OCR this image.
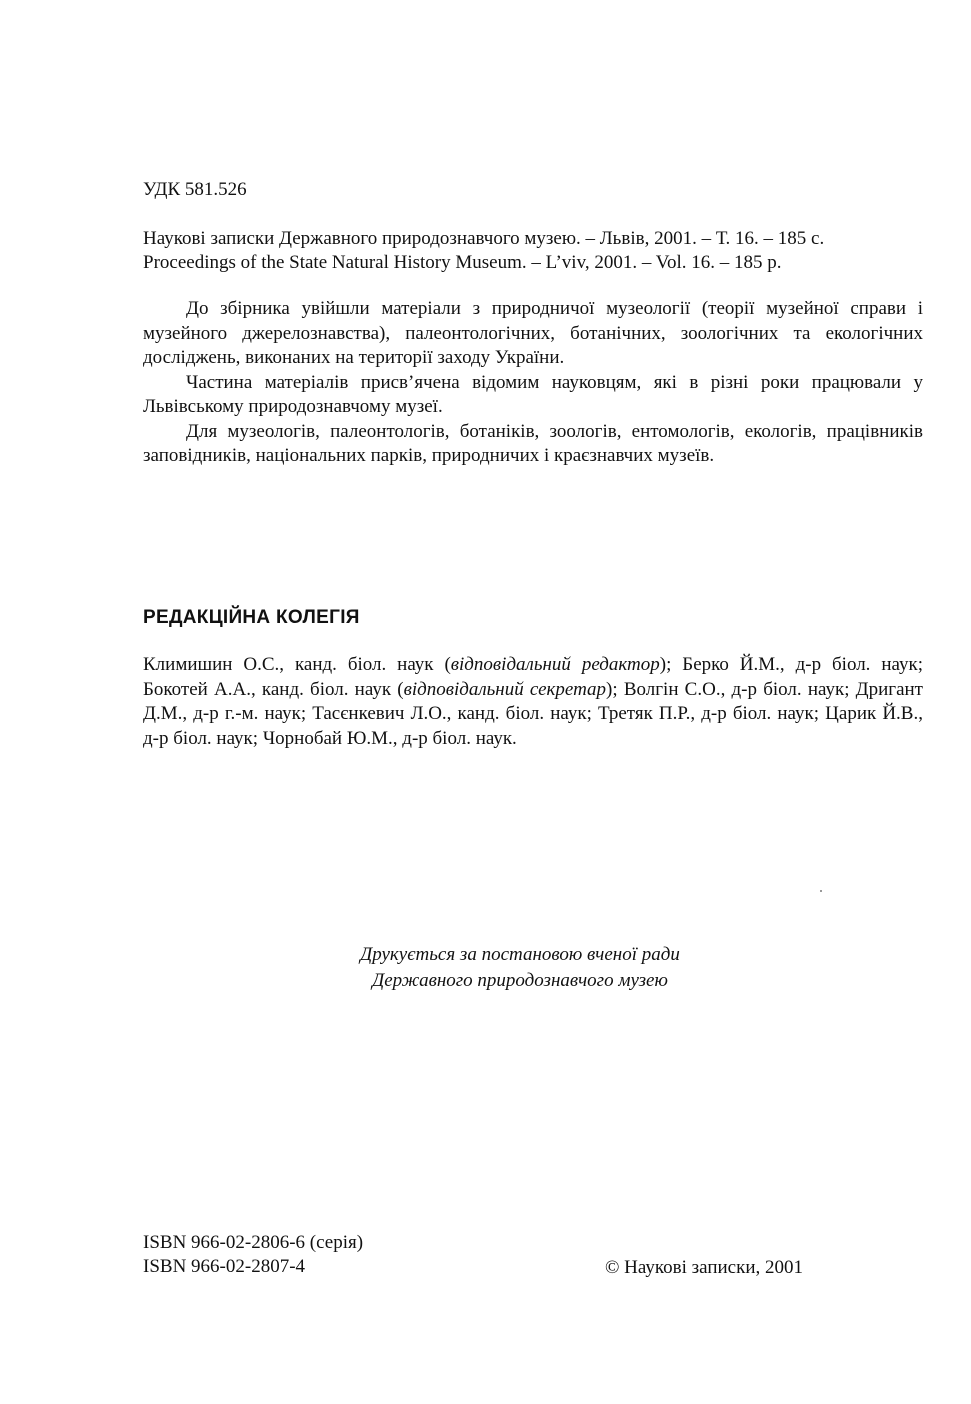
УДК 581.526
Наукові записки Державного природознавчого музею. – Львів, 2001. – Т. 16. – 185 с.
Proceedings of the State Natural History Museum. – L’viv, 2001. – Vol. 16. – 185 p.

До збірника увійшли матеріали з природничої музеології (теорії музейної справи і музейного джерелознавства), палеонтологічних, ботанічних, зоологічних та екологічних досліджень, виконаних на території заходу України.

Частина матеріалів присв’ячена відомим науковцям, які в різні роки працювали у Львівському природознавчому музеї.

Для музеологів, палеонтологів, ботаніків, зоологів, ентомологів, екологів, працівників заповідників, національних парків, природничих і краєзнавчих музеїв.

РЕДАКЦІЙНА КОЛЕГІЯ

Климишин О.С., канд. біол. наук (відповідальний редактор); Берко Й.М., д-р біол. наук; Бокотей А.А., канд. біол. наук (відповідальний секретар); Волгін С.О., д-р біол. наук; Дригант Д.М., д-р г.-м. наук; Тасєнкевич Л.О., канд. біол. наук; Третяк П.Р., д-р біол. наук; Царик Й.В., д-р біол. наук; Чорнобай Ю.М., д-р біол. наук.

Друкується за постановою вченої ради
Державного природознавчого музею
ISBN 966-02-2806-6 (серія)
ISBN 966-02-2807-4	© Наукові записки, 2001
